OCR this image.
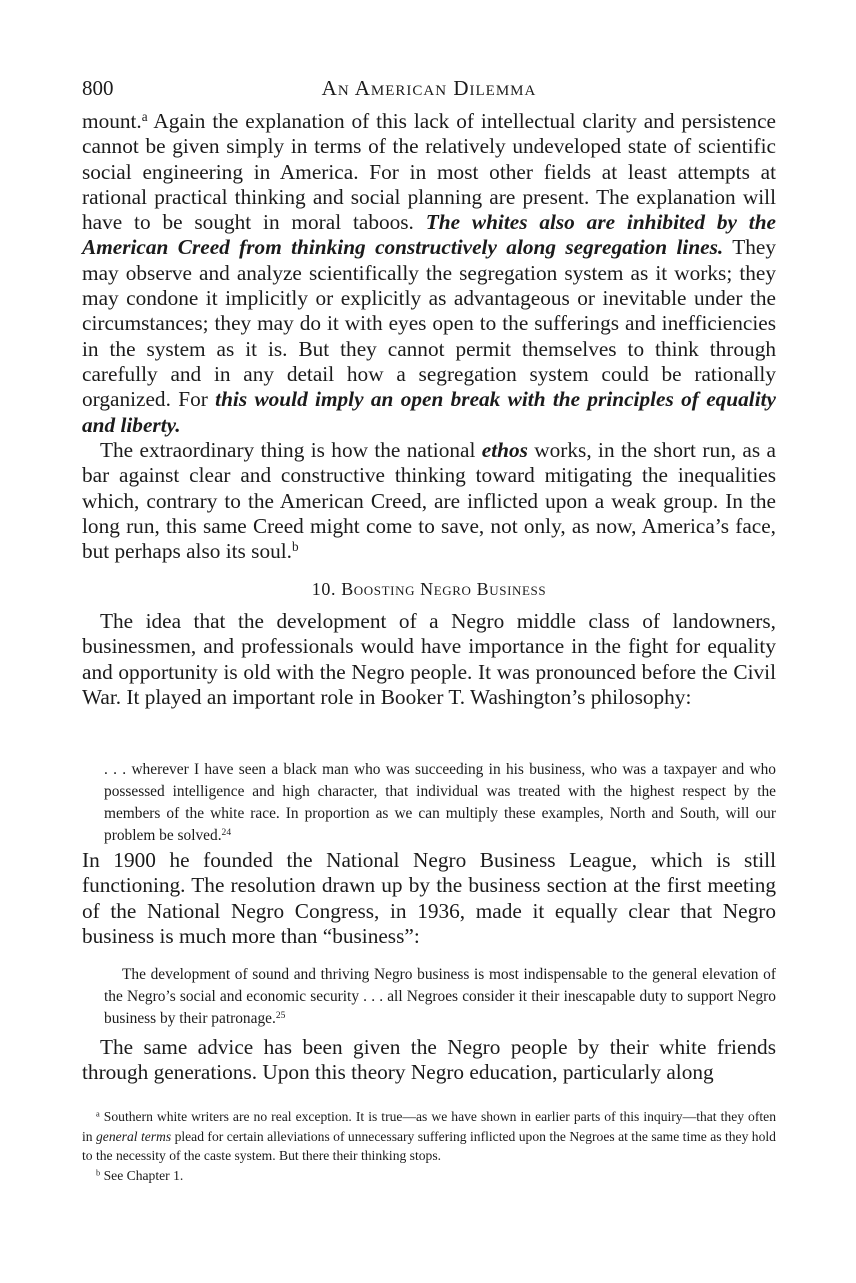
800	An American Dilemma

mount.$^a$ Again the explanation of this lack of intellectual clarity and persistence cannot be given simply in terms of the relatively undeveloped state of scientific social engineering in America. For in most other fields at least attempts at rational practical thinking and social planning are present. The explanation will have to be sought in moral taboos. The whites also are inhibited by the American Creed from thinking constructively along segregation lines. They may observe and analyze scientifically the segregation system as it works; they may condone it implicitly or explicitly as advantageous or inevitable under the circumstances; they may do it with eyes open to the sufferings and inefficiencies in the system as it is. But they cannot permit themselves to think through carefully and in any detail how a segregation system could be rationally organized. For this would imply an open break with the principles of equality and liberty.

The extraordinary thing is how the national ethos works, in the short run, as a bar against clear and constructive thinking toward mitigating the inequalities which, contrary to the American Creed, are inflicted upon a weak group. In the long run, this same Creed might come to save, not only, as now, America’s face, but perhaps also its soul.$^b$

10. Boosting Negro Business

The idea that the development of a Negro middle class of landowners, businessmen, and professionals would have importance in the fight for equality and opportunity is old with the Negro people. It was pronounced before the Civil War. It played an important role in Booker T. Washington’s philosophy:

. . . wherever I have seen a black man who was succeeding in his business, who was a taxpayer and who possessed intelligence and high character, that individual was treated with the highest respect by the members of the white race. In proportion as we can multiply these examples, North and South, will our problem be solved.$^{24}$

In 1900 he founded the National Negro Business League, which is still functioning. The resolution drawn up by the business section at the first meeting of the National Negro Congress, in 1936, made it equally clear that Negro business is much more than “business”:

The development of sound and thriving Negro business is most indispensable to the general elevation of the Negro’s social and economic security . . . all Negroes consider it their inescapable duty to support Negro business by their patronage.$^{25}$

The same advice has been given the Negro people by their white friends through generations. Upon this theory Negro education, particularly along

$^a$ Southern white writers are no real exception. It is true—as we have shown in earlier parts of this inquiry—that they often in general terms plead for certain alleviations of unnecessary suffering inflicted upon the Negroes at the same time as they hold to the necessity of the caste system. But there their thinking stops.

$^b$ See Chapter 1.
